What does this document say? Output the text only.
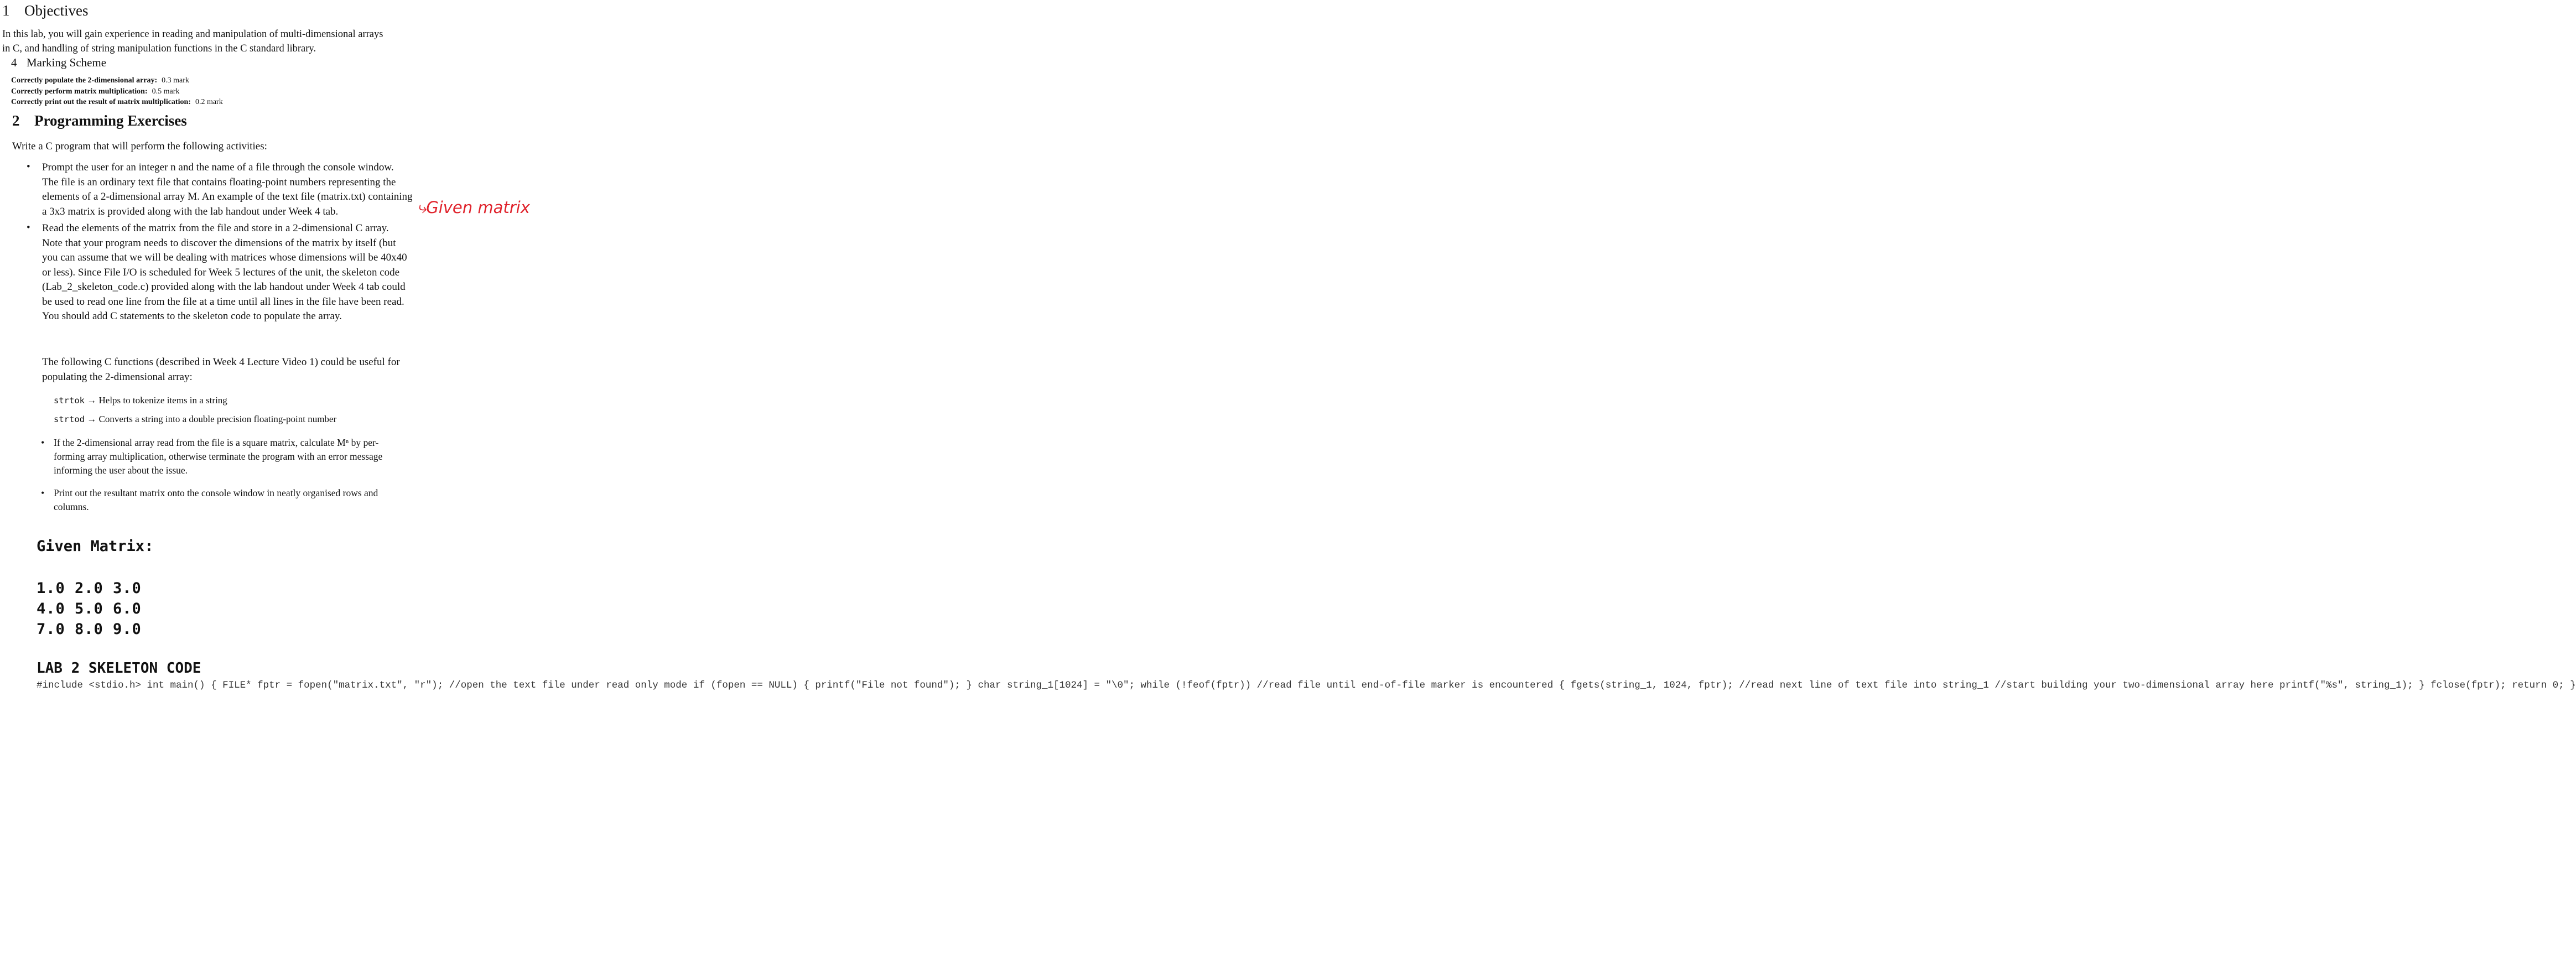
1 Objectives
In this lab, you will gain experience in reading and manipulation of multi-dimensional arrays
in C, and handling of string manipulation functions in the C standard library.
4 Marking Scheme
Correctly populate the 2-dimensional array: 0.3 mark
Correctly perform matrix multiplication: 0.5 mark
Correctly print out the result of matrix multiplication: 0.2 mark
2 Programming Exercises
Write a C program that will perform the following activities:
• Prompt the user for an integer n and the name of a file through the console window.
The file is an ordinary text file that contains floating-point numbers representing the
elements of a 2-dimensional array M. An example of the text file (matrix.txt) containing
a 3x3 matrix is provided along with the lab handout under Week 4 tab.	⤷Given matrix
• Read the elements of the matrix from the file and store in a 2-dimensional C array.
Note that your program needs to discover the dimensions of the matrix by itself (but
you can assume that we will be dealing with matrices whose dimensions will be 40x40
or less). Since File I/O is scheduled for Week 5 lectures of the unit, the skeleton code
(Lab_2_skeleton_code.c) provided along with the lab handout under Week 4 tab could
be used to read one line from the file at a time until all lines in the file have been read.
You should add C statements to the skeleton code to populate the array.
The following C functions (described in Week 4 Lecture Video 1) could be useful for
populating the 2-dimensional array:
strtok → Helps to tokenize items in a string
strtod → Converts a string into a double precision floating-point number
• If the 2-dimensional array read from the file is a square matrix, calculate Mⁿ by per-
forming array multiplication, otherwise terminate the program with an error message
informing the user about the issue.
• Print out the resultant matrix onto the console window in neatly organised rows and
columns.
Given Matrix:
1.0 2.0 3.0
4.0 5.0 6.0
7.0 8.0 9.0
LAB 2 SKELETON CODE
#include <stdio.h> int main() { FILE* fptr = fopen("matrix.txt", "r"); //open the text file under read only mode if (fopen == NULL) { printf("File not found"); } char string_1[1024] = "\0"; while (!feof(fptr)) //read file until end-of-file marker is encountered { fgets(string_1, 1024, fptr); //read next line of text file into string_1 //start building your two-dimensional array here printf("%s", string_1); } fclose(fptr); return 0; }
